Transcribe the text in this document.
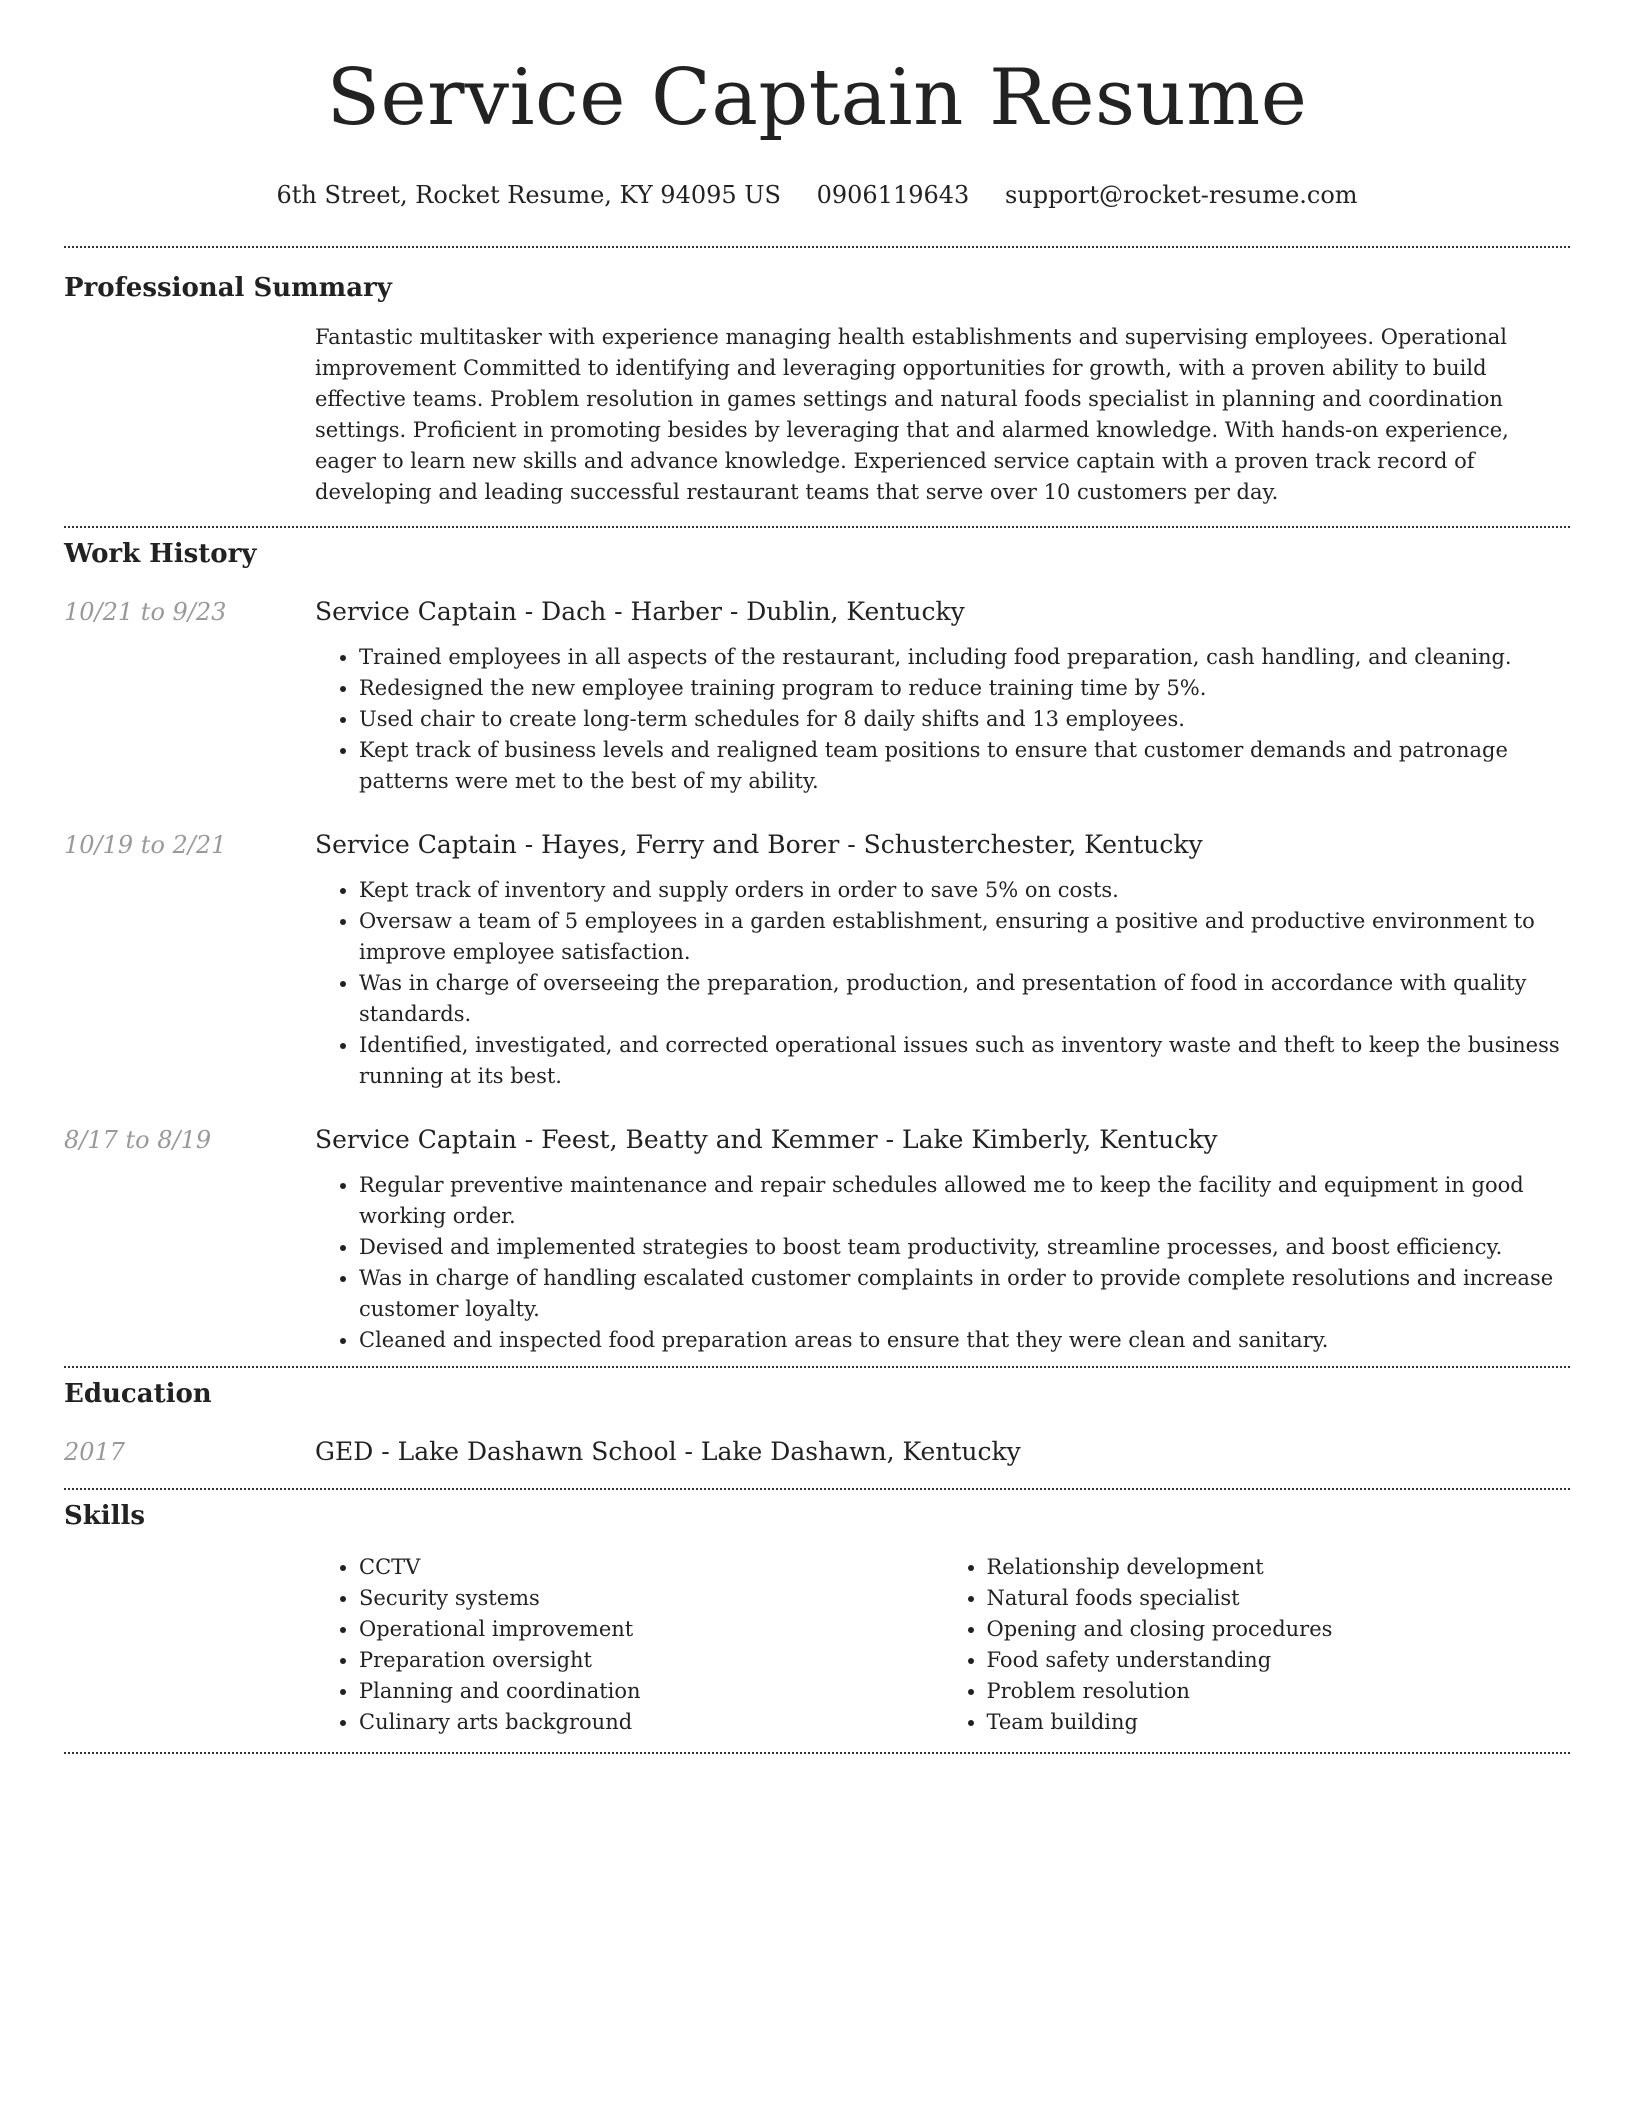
Service Captain Resume
6th Street, Rocket Resume, KY 94095 US 0906119643 support@rocket-resume.com
Professional Summary
Fantastic multitasker with experience managing health establishments and supervising employees. Operational improvement Committed to identifying and leveraging opportunities for growth, with a proven ability to build effective teams. Problem resolution in games settings and natural foods specialist in planning and coordination settings. Proficient in promoting besides by leveraging that and alarmed knowledge. With hands-on experience, eager to learn new skills and advance knowledge. Experienced service captain with a proven track record of developing and leading successful restaurant teams that serve over 10 customers per day.
Work History
10/21 to 9/23	Service Captain - Dach - Harber - Dublin, Kentucky
• Trained employees in all aspects of the restaurant, including food preparation, cash handling, and cleaning.
• Redesigned the new employee training program to reduce training time by 5%.
• Used chair to create long-term schedules for 8 daily shifts and 13 employees.
• Kept track of business levels and realigned team positions to ensure that customer demands and patronage patterns were met to the best of my ability.
10/19 to 2/21	Service Captain - Hayes, Ferry and Borer - Schusterchester, Kentucky
• Kept track of inventory and supply orders in order to save 5% on costs.
• Oversaw a team of 5 employees in a garden establishment, ensuring a positive and productive environment to improve employee satisfaction.
• Was in charge of overseeing the preparation, production, and presentation of food in accordance with quality standards.
• Identified, investigated, and corrected operational issues such as inventory waste and theft to keep the business running at its best.
8/17 to 8/19	Service Captain - Feest, Beatty and Kemmer - Lake Kimberly, Kentucky
• Regular preventive maintenance and repair schedules allowed me to keep the facility and equipment in good working order.
• Devised and implemented strategies to boost team productivity, streamline processes, and boost efficiency.
• Was in charge of handling escalated customer complaints in order to provide complete resolutions and increase customer loyalty.
• Cleaned and inspected food preparation areas to ensure that they were clean and sanitary.
Education
2017	GED - Lake Dashawn School - Lake Dashawn, Kentucky
Skills
• CCTV
• Security systems
• Operational improvement
• Preparation oversight
• Planning and coordination
• Culinary arts background
• Relationship development
• Natural foods specialist
• Opening and closing procedures
• Food safety understanding
• Problem resolution
• Team building
